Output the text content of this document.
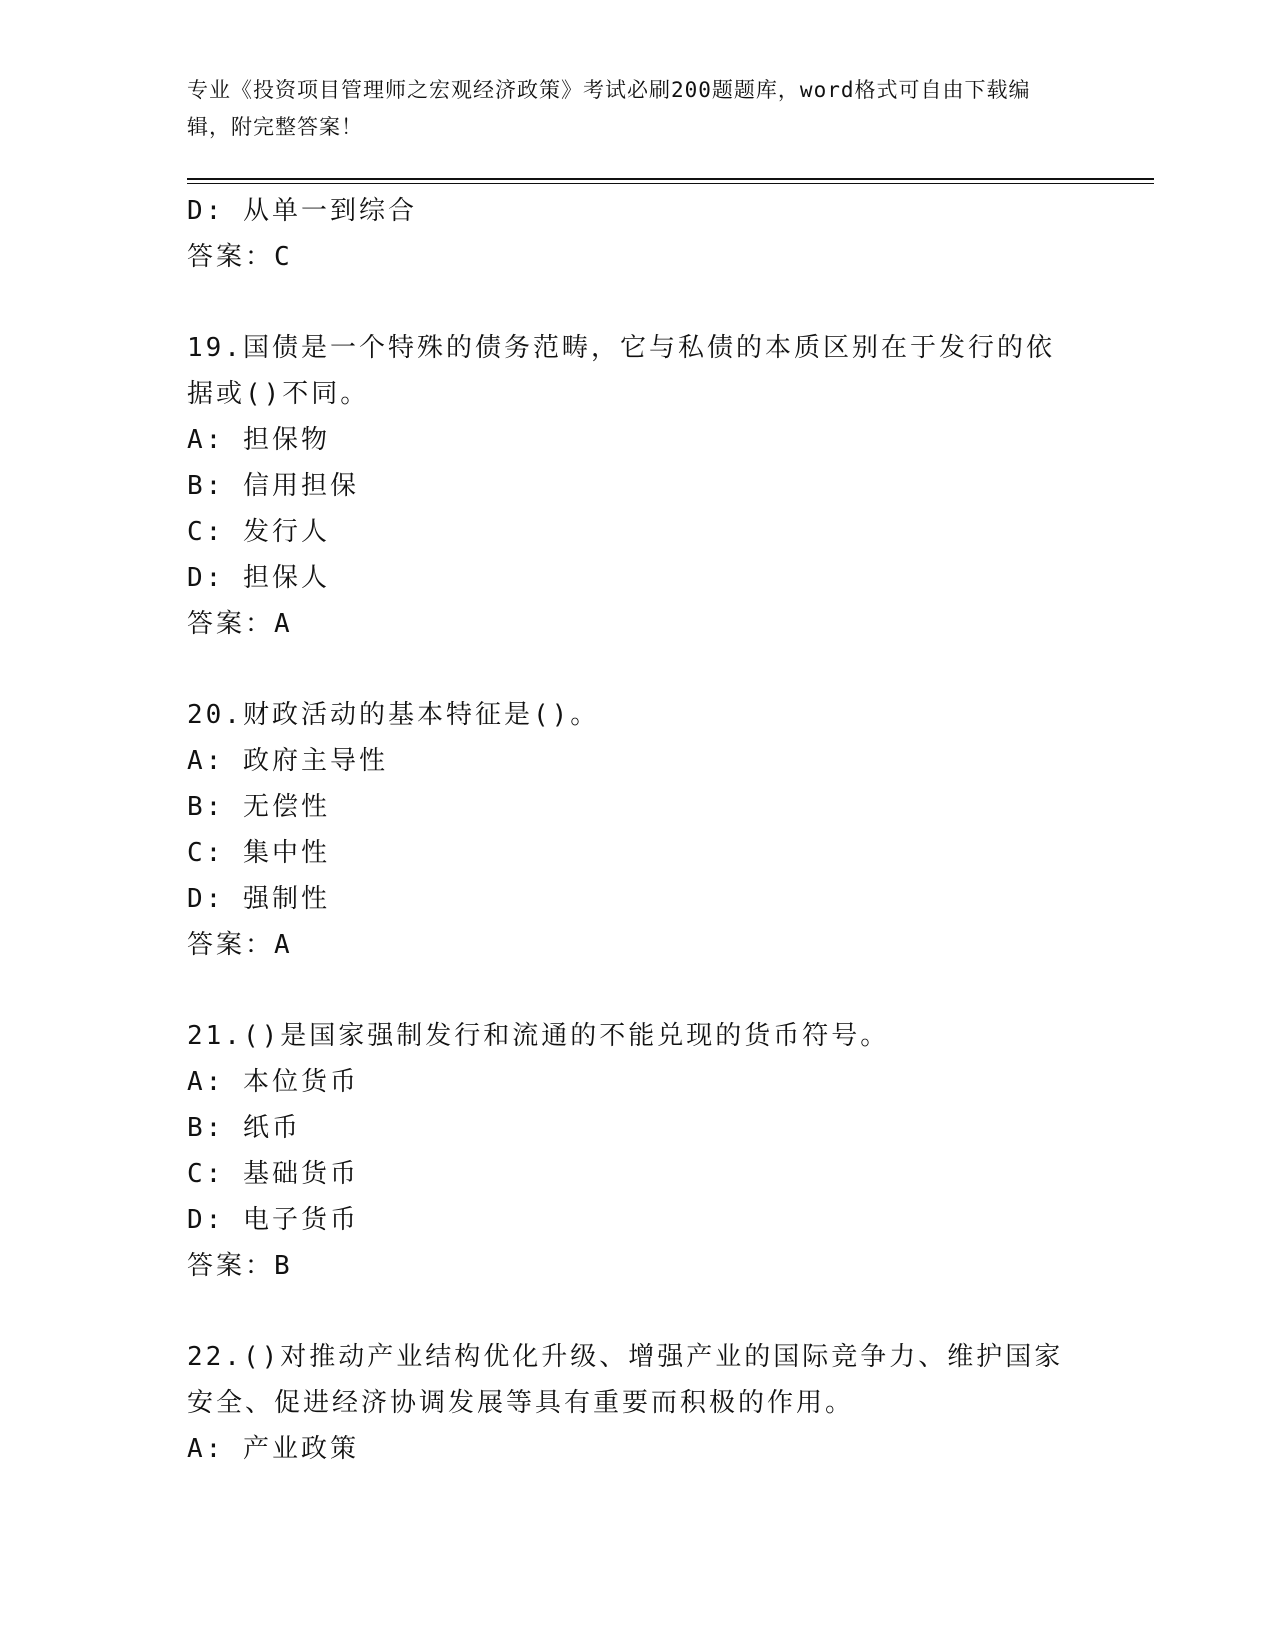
专业《投资项目管理师之宏观经济政策》考试必刷200题题库，word格式可自由下载编辑，附完整答案！
D: 从单一到综合
答案：C
19.国债是一个特殊的债务范畴，它与私债的本质区别在于发行的依据或()不同。
A: 担保物
B: 信用担保
C: 发行人
D: 担保人
答案：A
20.财政活动的基本特征是()。
A: 政府主导性
B: 无偿性
C: 集中性
D: 强制性
答案：A
21.()是国家强制发行和流通的不能兑现的货币符号。
A: 本位货币
B: 纸币
C: 基础货币
D: 电子货币
答案：B
22.()对推动产业结构优化升级、增强产业的国际竞争力、维护国家安全、促进经济协调发展等具有重要而积极的作用。
A: 产业政策
